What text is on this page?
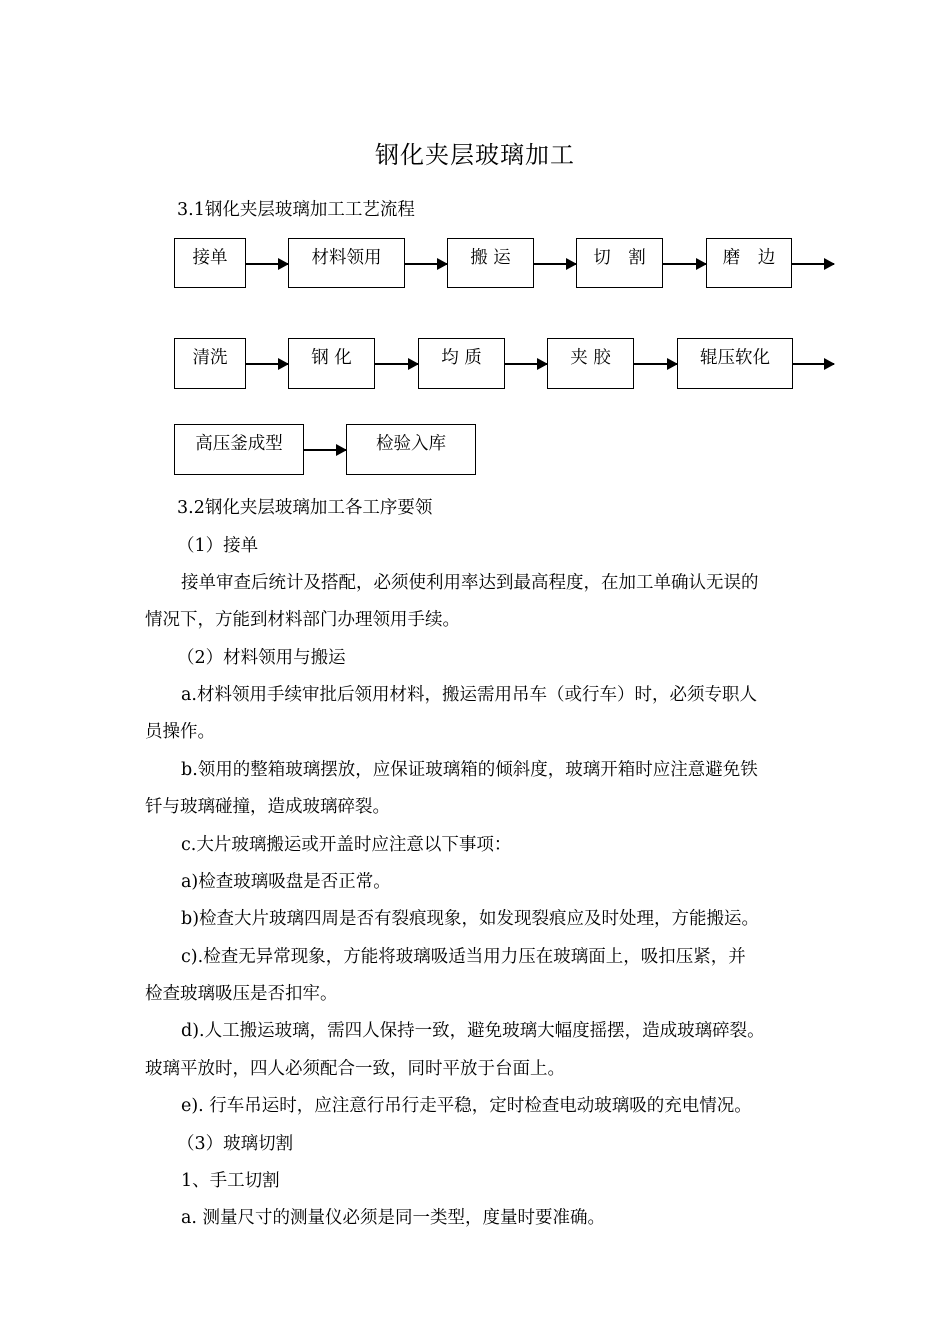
钢化夹层玻璃加工
3.1钢化夹层玻璃加工工艺流程
接单	材料领用	搬 运	切　割	磨　边
清洗	钢 化	均 质	夹 胶	辊压软化
高压釜成型	检验入库
3.2钢化夹层玻璃加工各工序要领
（1）接单
接单审查后统计及搭配，必须使利用率达到最高程度，在加工单确认无误的
情况下，方能到材料部门办理领用手续。
（2）材料领用与搬运
a.材料领用手续审批后领用材料，搬运需用吊车（或行车）时，必须专职人
员操作。
b.领用的整箱玻璃摆放，应保证玻璃箱的倾斜度，玻璃开箱时应注意避免铁
钎与玻璃碰撞，造成玻璃碎裂。
c.大片玻璃搬运或开盖时应注意以下事项：
a)检查玻璃吸盘是否正常。
b)检查大片玻璃四周是否有裂痕现象，如发现裂痕应及时处理，方能搬运。
c).检查无异常现象，方能将玻璃吸适当用力压在玻璃面上，吸扣压紧，并
检查玻璃吸压是否扣牢。
d).人工搬运玻璃，需四人保持一致，避免玻璃大幅度摇摆，造成玻璃碎裂。
玻璃平放时，四人必须配合一致，同时平放于台面上。
e). 行车吊运时，应注意行吊行走平稳，定时检查电动玻璃吸的充电情况。
（3）玻璃切割
1、手工切割
a. 测量尺寸的测量仪必须是同一类型，度量时要准确。
